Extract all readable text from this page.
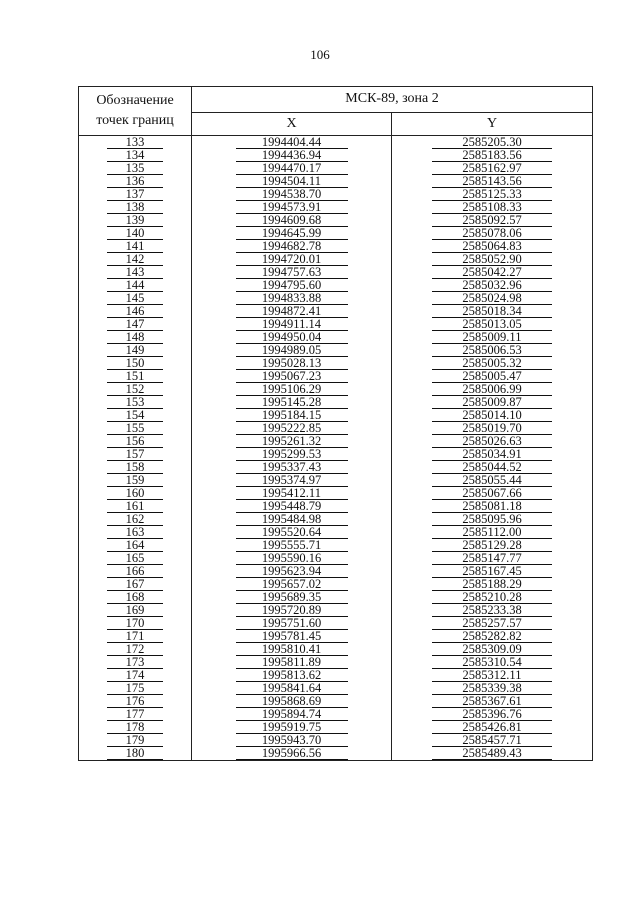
106
Обозначение точек границ	МСК-89, зона 2	
	X	Y
133	1994404.44	2585205.30
134	1994436.94	2585183.56
135	1994470.17	2585162.97
136	1994504.11	2585143.56
137	1994538.70	2585125.33
138	1994573.91	2585108.33
139	1994609.68	2585092.57
140	1994645.99	2585078.06
141	1994682.78	2585064.83
142	1994720.01	2585052.90
143	1994757.63	2585042.27
144	1994795.60	2585032.96
145	1994833.88	2585024.98
146	1994872.41	2585018.34
147	1994911.14	2585013.05
148	1994950.04	2585009.11
149	1994989.05	2585006.53
150	1995028.13	2585005.32
151	1995067.23	2585005.47
152	1995106.29	2585006.99
153	1995145.28	2585009.87
154	1995184.15	2585014.10
155	1995222.85	2585019.70
156	1995261.32	2585026.63
157	1995299.53	2585034.91
158	1995337.43	2585044.52
159	1995374.97	2585055.44
160	1995412.11	2585067.66
161	1995448.79	2585081.18
162	1995484.98	2585095.96
163	1995520.64	2585112.00
164	1995555.71	2585129.28
165	1995590.16	2585147.77
166	1995623.94	2585167.45
167	1995657.02	2585188.29
168	1995689.35	2585210.28
169	1995720.89	2585233.38
170	1995751.60	2585257.57
171	1995781.45	2585282.82
172	1995810.41	2585309.09
173	1995811.89	2585310.54
174	1995813.62	2585312.11
175	1995841.64	2585339.38
176	1995868.69	2585367.61
177	1995894.74	2585396.76
178	1995919.75	2585426.81
179	1995943.70	2585457.71
180	1995966.56	2585489.43
